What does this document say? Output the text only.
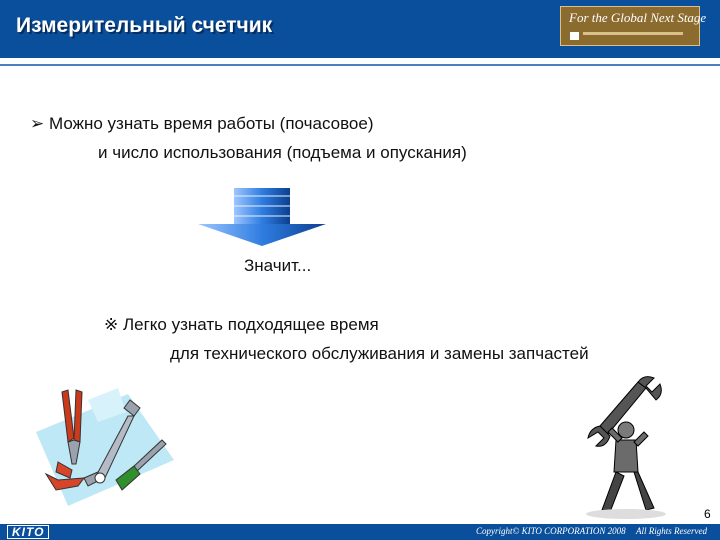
Измерительный счетчик	For the Global Next Stage
➢ Можно узнать время работы (почасовое)
и число использования (подъема и опускания)
Значит...
※ Легко узнать подходящее время
для технического обслуживания и замены запчастей
6
KITO	Copyright© KITO CORPORATION 2008 All Rights Reserved
